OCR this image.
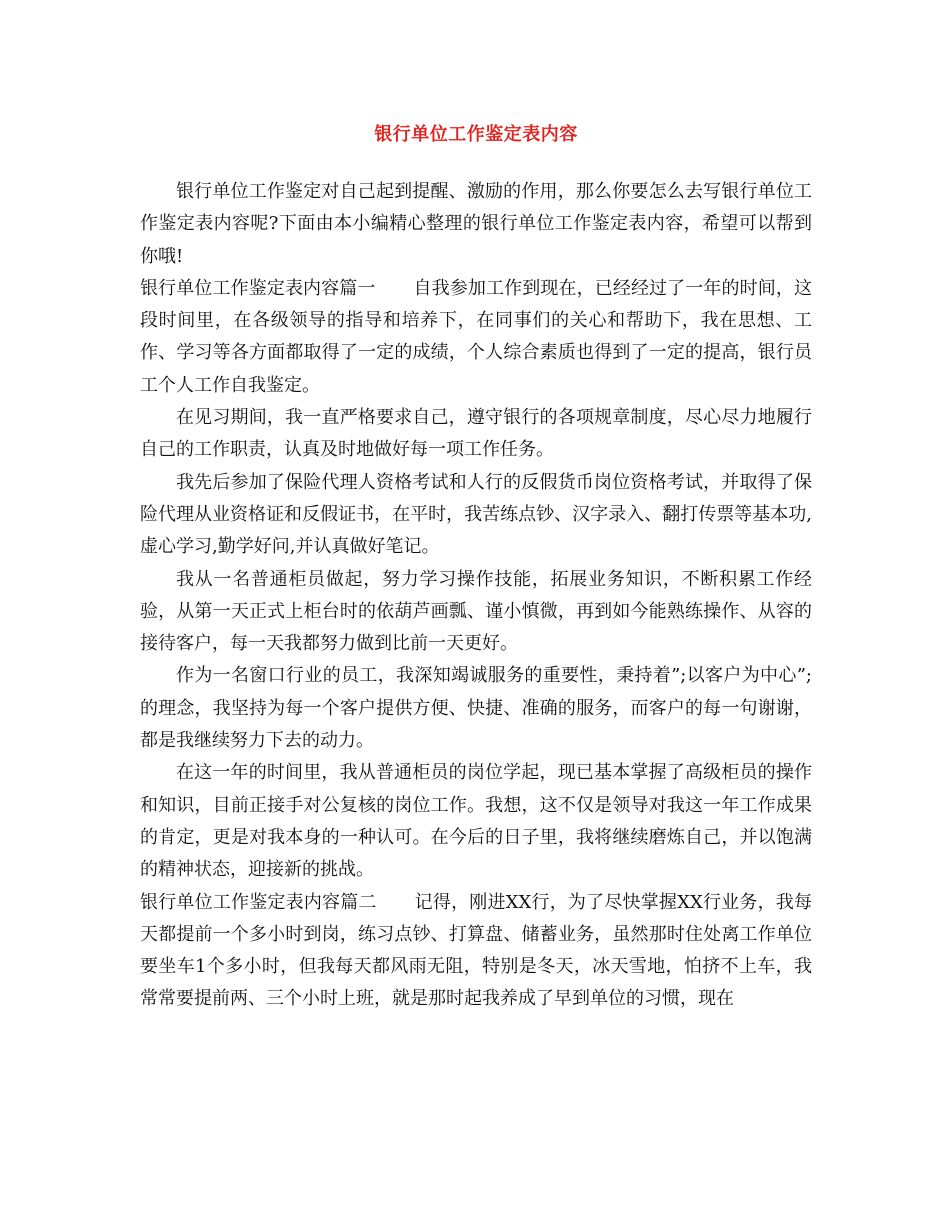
银行单位工作鉴定表内容

银行单位工作鉴定对自己起到提醒、激励的作用，那么你要怎么去写银行单位工作鉴定表内容呢?下面由本小编精心整理的银行单位工作鉴定表内容，希望可以帮到你哦!

银行单位工作鉴定表内容篇一 自我参加工作到现在，已经经过了一年的时间，这段时间里，在各级领导的指导和培养下，在同事们的关心和帮助下，我在思想、工作、学习等各方面都取得了一定的成绩，个人综合素质也得到了一定的提高，银行员工个人工作自我鉴定。

在见习期间，我一直严格要求自己，遵守银行的各项规章制度，尽心尽力地履行自己的工作职责，认真及时地做好每一项工作任务。

我先后参加了保险代理人资格考试和人行的反假货币岗位资格考试，并取得了保险代理从业资格证和反假证书，在平时，我苦练点钞、汉字录入、翻打传票等基本功,虚心学习,勤学好问,并认真做好笔记。

我从一名普通柜员做起，努力学习操作技能，拓展业务知识，不断积累工作经验，从第一天正式上柜台时的依葫芦画瓢、谨小慎微，再到如今能熟练操作、从容的接待客户，每一天我都努力做到比前一天更好。

作为一名窗口行业的员工，我深知竭诚服务的重要性，秉持着”;以客户为中心”;的理念，我坚持为每一个客户提供方便、快捷、准确的服务，而客户的每一句谢谢，都是我继续努力下去的动力。

在这一年的时间里，我从普通柜员的岗位学起，现已基本掌握了高级柜员的操作和知识，目前正接手对公复核的岗位工作。我想，这不仅是领导对我这一年工作成果的肯定，更是对我本身的一种认可。在今后的日子里，我将继续磨炼自己，并以饱满的精神状态，迎接新的挑战。

银行单位工作鉴定表内容篇二 记得，刚进XX行，为了尽快掌握XX行业务，我每天都提前一个多小时到岗，练习点钞、打算盘、储蓄业务，虽然那时住处离工作单位要坐车1个多小时，但我每天都风雨无阻，特别是冬天，冰天雪地，怕挤不上车，我常常要提前两、三个小时上班，就是那时起我养成了早到单位的习惯，现在
